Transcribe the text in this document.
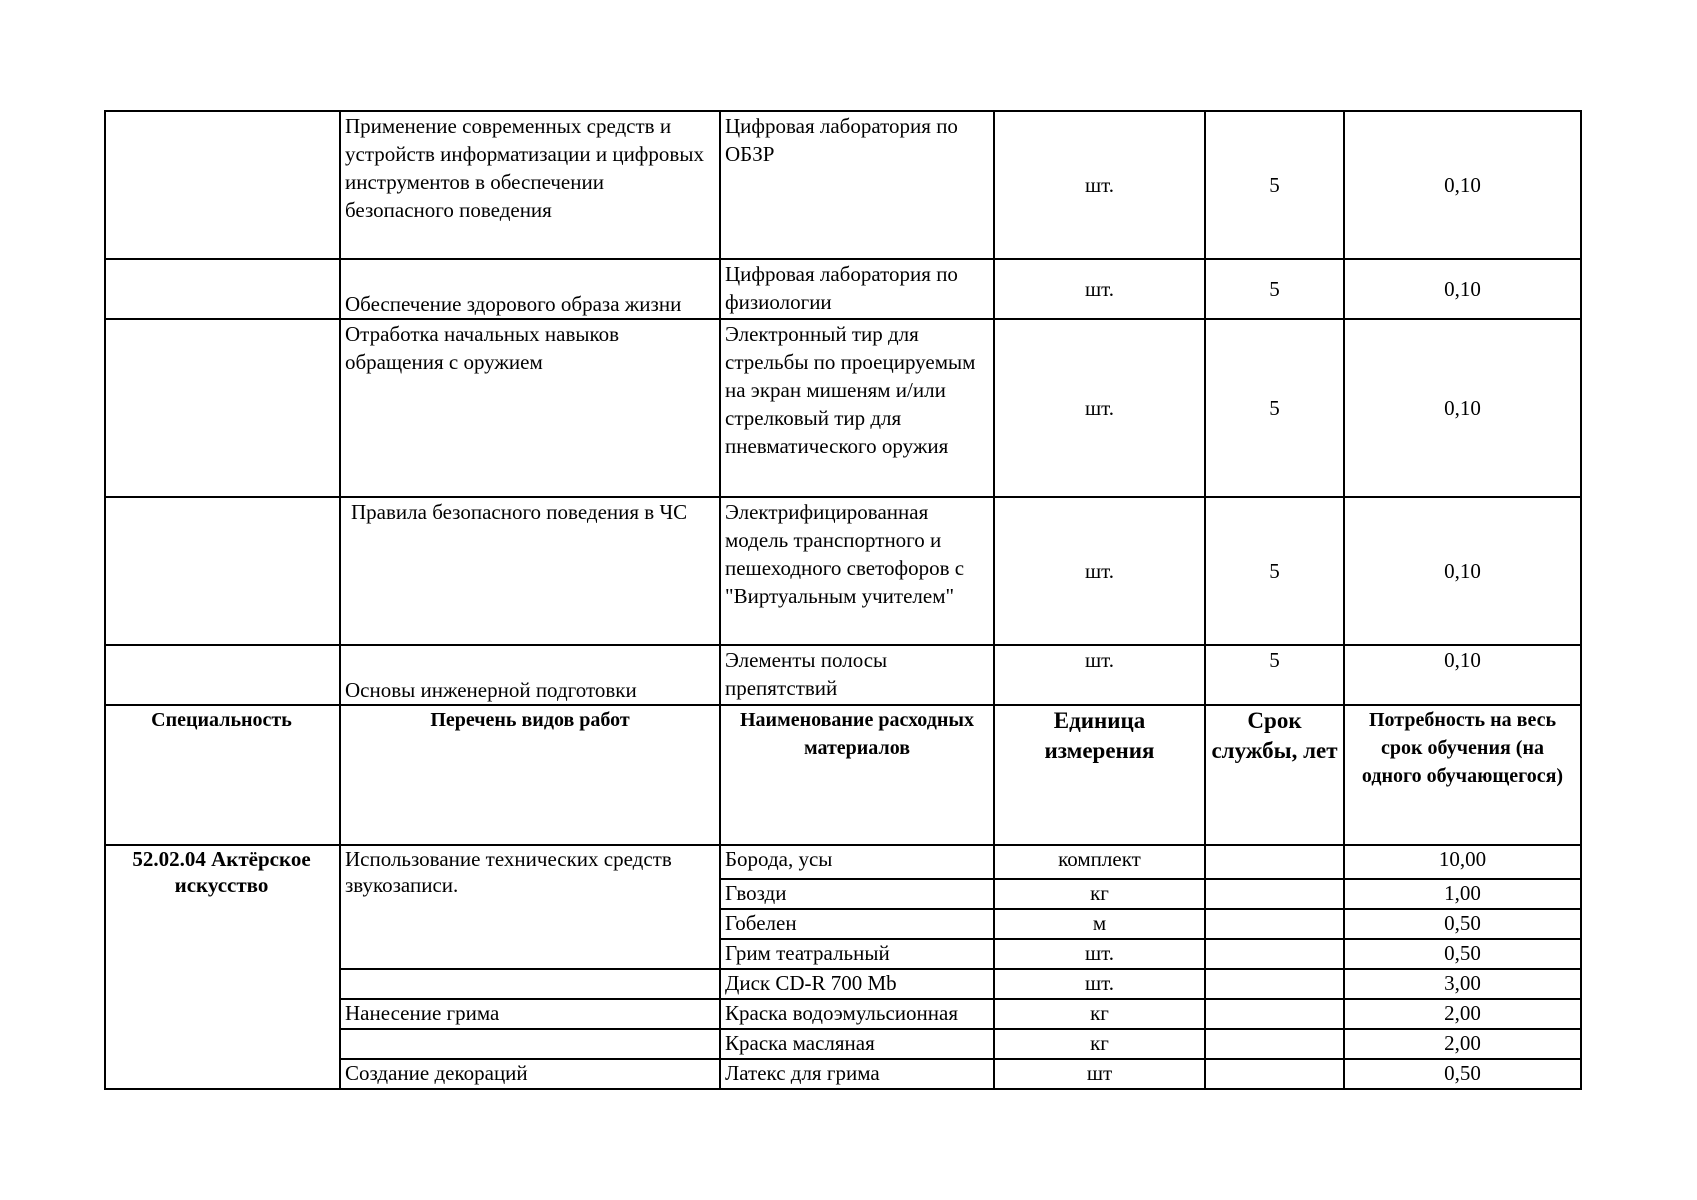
	Применение современных средств и устройств информатизации и цифровых инструментов в обеспечении безопасного поведения	Цифровая лаборатория по ОБЗР	шт.	5	0,10
	Обеспечение здорового образа жизни	Цифровая лаборатория по физиологии	шт.	5	0,10
	Отработка начальных навыков обращения с оружием	Электронный тир для стрельбы по проецируемым на экран мишеням и/или стрелковый тир для пневматического оружия	шт.	5	0,10
	Правила безопасного поведения в ЧС	Электрифицированная модель транспортного и пешеходного светофоров с "Виртуальным учителем"	шт.	5	0,10
	Основы инженерной подготовки	Элементы полосы препятствий	шт.	5	0,10
Специальность	Перечень видов работ	Наименование расходных материалов	Единица измерения	Срок службы, лет	Потребность на весь срок обучения (на одного обучающегося)
52.02.04 Актёрское искусство	Использование технических средств звукозаписи.	Борода, усы	комплект		10,00
		Гвозди	кг		1,00
		Гобелен	м		0,50
		Грим театральный	шт.		0,50
		Диск CD-R 700 Mb	шт.		3,00
	Нанесение грима	Краска водоэмульсионная	кг		2,00
		Краска масляная	кг		2,00
	Создание декораций	Латекс для грима	шт		0,50
